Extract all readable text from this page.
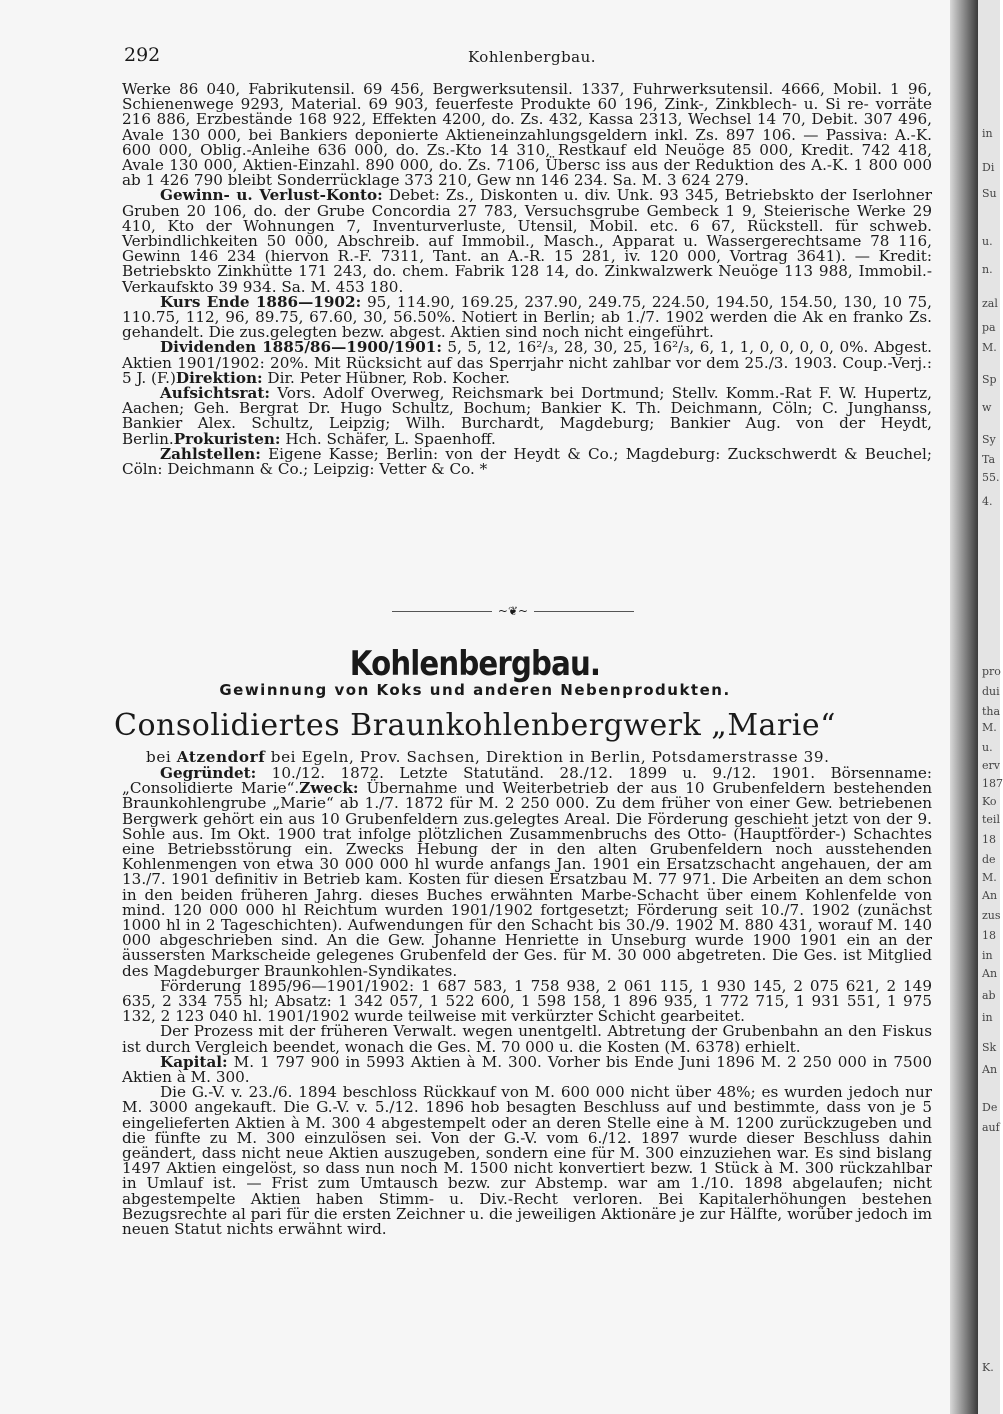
292	Kohlenbergbau.

Werke 86 040, Fabrikutensil. 69 456, Bergwerksutensil. 1337, Fuhrwerksutensil. 4666, Mobil. 1 96, Schienenwege 9293, Material. 69 903, feuerfeste Produkte 60 196, Zink-, Zinkblech- u. Si re- vorräte 216 886, Erzbestände 168 922, Effekten 4200, do. Zs. 432, Kassa 2313, Wechsel 14 70, Debit. 307 496, Avale 130 000, bei Bankiers deponierte Aktieneinzahlungsgeldern inkl. Zs. 897 106. — Passiva: A.-K. 600 000, Oblig.-Anleihe 636 000, do. Zs.-Kto 14 310, Restkauf eld Neuöge 85 000, Kredit. 742 418, Avale 130 000, Aktien-Einzahl. 890 000, do. Zs. 7106, Übersc iss aus der Reduktion des A.-K. 1 800 000 ab 1 426 790 bleibt Sonderrücklage 373 210, Gew nn 146 234. Sa. M. 3 624 279.

Gewinn- u. Verlust-Konto: Debet: Zs., Diskonten u. div. Unk. 93 345, Betriebskto der Iserlohner Gruben 20 106, do. der Grube Concordia 27 783, Versuchsgrube Gembeck 1 9, Steierische Werke 29 410, Kto der Wohnungen 7, Inventurverluste, Utensil, Mobil. etc. 6 67, Rückstell. für schweb. Verbindlichkeiten 50 000, Abschreib. auf Immobil., Masch., Apparat u. Wassergerechtsame 78 116, Gewinn 146 234 (hiervon R.-F. 7311, Tant. an A.-R. 15 281, iv. 120 000, Vortrag 3641). — Kredit: Betriebskto Zinkhütte 171 243, do. chem. Fabrik 128 14, do. Zinkwalzwerk Neuöge 113 988, Immobil.-Verkaufskto 39 934. Sa. M. 453 180.

Kurs Ende 1886—1902: 95, 114.90, 169.25, 237.90, 249.75, 224.50, 194.50, 154.50, 130, 10 75, 110.75, 112, 96, 89.75, 67.60, 30, 56.50%. Notiert in Berlin; ab 1./7. 1902 werden die Ak en franko Zs. gehandelt. Die zus.gelegten bezw. abgest. Aktien sind noch nicht eingeführt.

Dividenden 1885/86—1900/1901: 5, 5, 12, 16²/₃, 28, 30, 25, 16²/₃, 6, 1, 1, 0, 0, 0, 0, 0%. Abgest. Aktien 1901/1902: 20%. Mit Rücksicht auf das Sperrjahr nicht zahlbar vor dem 25./3. 1903. Coup.-Verj.: 5 J. (F.)Direktion: Dir. Peter Hübner, Rob. Kocher.

Aufsichtsrat: Vors. Adolf Overweg, Reichsmark bei Dortmund; Stellv. Komm.-Rat F. W. Hupertz, Aachen; Geh. Bergrat Dr. Hugo Schultz, Bochum; Bankier K. Th. Deichmann, Cöln; C. Junghanss, Bankier Alex. Schultz, Leipzig; Wilh. Burchardt, Magdeburg; Bankier Aug. von der Heydt, Berlin.Prokuristen: Hch. Schäfer, L. Spaenhoff.

Zahlstellen: Eigene Kasse; Berlin: von der Heydt & Co.; Magdeburg: Zuckschwerdt & Beuchel; Cöln: Deichmann & Co.; Leipzig: Vetter & Co. *

~❦~
Kohlenbergbau.
Gewinnung von Koks und anderen Nebenprodukten.
Consolidiertes Braunkohlenbergwerk „Marie“
bei Atzendorf bei Egeln, Prov. Sachsen, Direktion in Berlin, Potsdamerstrasse 39.

Gegründet: 10./12. 1872. Letzte Statutänd. 28./12. 1899 u. 9./12. 1901. Börsenname: „Consolidierte Marie“.Zweck: Übernahme und Weiterbetrieb der aus 10 Grubenfeldern bestehenden Braunkohlengrube „Marie“ ab 1./7. 1872 für M. 2 250 000. Zu dem früher von einer Gew. betriebenen Bergwerk gehört ein aus 10 Grubenfeldern zus.gelegtes Areal. Die Förderung geschieht jetzt von der 9. Sohle aus. Im Okt. 1900 trat infolge plötzlichen Zusammenbruchs des Otto- (Hauptförder-) Schachtes eine Betriebsstörung ein. Zwecks Hebung der in den alten Grubenfeldern noch ausstehenden Kohlenmengen von etwa 30 000 000 hl wurde anfangs Jan. 1901 ein Ersatzschacht angehauen, der am 13./7. 1901 definitiv in Betrieb kam. Kosten für diesen Ersatzbau M. 77 971. Die Arbeiten an dem schon in den beiden früheren Jahrg. dieses Buches erwähnten Marbe-Schacht über einem Kohlenfelde von mind. 120 000 000 hl Reichtum wurden 1901/1902 fortgesetzt; Förderung seit 10./7. 1902 (zunächst 1000 hl in 2 Tageschichten). Aufwendungen für den Schacht bis 30./9. 1902 M. 880 431, worauf M. 140 000 abgeschrieben sind. An die Gew. Johanne Henriette in Unseburg wurde 1900 1901 ein an der äussersten Markscheide gelegenes Grubenfeld der Ges. für M. 30 000 abgetreten. Die Ges. ist Mitglied des Magdeburger Braunkohlen-Syndikates.

Förderung 1895/96—1901/1902: 1 687 583, 1 758 938, 2 061 115, 1 930 145, 2 075 621, 2 149 635, 2 334 755 hl; Absatz: 1 342 057, 1 522 600, 1 598 158, 1 896 935, 1 772 715, 1 931 551, 1 975 132, 2 123 040 hl. 1901/1902 wurde teilweise mit verkürzter Schicht gearbeitet.

Der Prozess mit der früheren Verwalt. wegen unentgeltl. Abtretung der Grubenbahn an den Fiskus ist durch Vergleich beendet, wonach die Ges. M. 70 000 u. die Kosten (M. 6378) erhielt.

Kapital: M. 1 797 900 in 5993 Aktien à M. 300. Vorher bis Ende Juni 1896 M. 2 250 000 in 7500 Aktien à M. 300.

Die G.-V. v. 23./6. 1894 beschloss Rückkauf von M. 600 000 nicht über 48%; es wurden jedoch nur M. 3000 angekauft. Die G.-V. v. 5./12. 1896 hob besagten Beschluss auf und bestimmte, dass von je 5 eingelieferten Aktien à M. 300 4 abgestempelt oder an deren Stelle eine à M. 1200 zurückzugeben und die fünfte zu M. 300 einzulösen sei. Von der G.-V. vom 6./12. 1897 wurde dieser Beschluss dahin geändert, dass nicht neue Aktien auszugeben, sondern eine für M. 300 einzuziehen war. Es sind bislang 1497 Aktien eingelöst, so dass nun noch M. 1500 nicht konvertiert bezw. 1 Stück à M. 300 rückzahlbar in Umlauf ist. — Frist zum Umtausch bezw. zur Abstemp. war am 1./10. 1898 abgelaufen; nicht abgestempelte Aktien haben Stimm- u. Div.-Recht verloren. Bei Kapitalerhöhungen bestehen Bezugsrechte al pari für die ersten Zeichner u. die jeweiligen Aktionäre je zur Hälfte, worüber jedoch im neuen Statut nichts erwähnt wird.

in
Di
Su
u.
n.
zal
pa
M.
Sp
w
Sy
Ta
55.
4.
pro
dui
tha
M.
u.
erv
187
Ko
teil
18
de
M.
An
zus
18
in
An
ab
in
Sk
An
De
auf
K.
